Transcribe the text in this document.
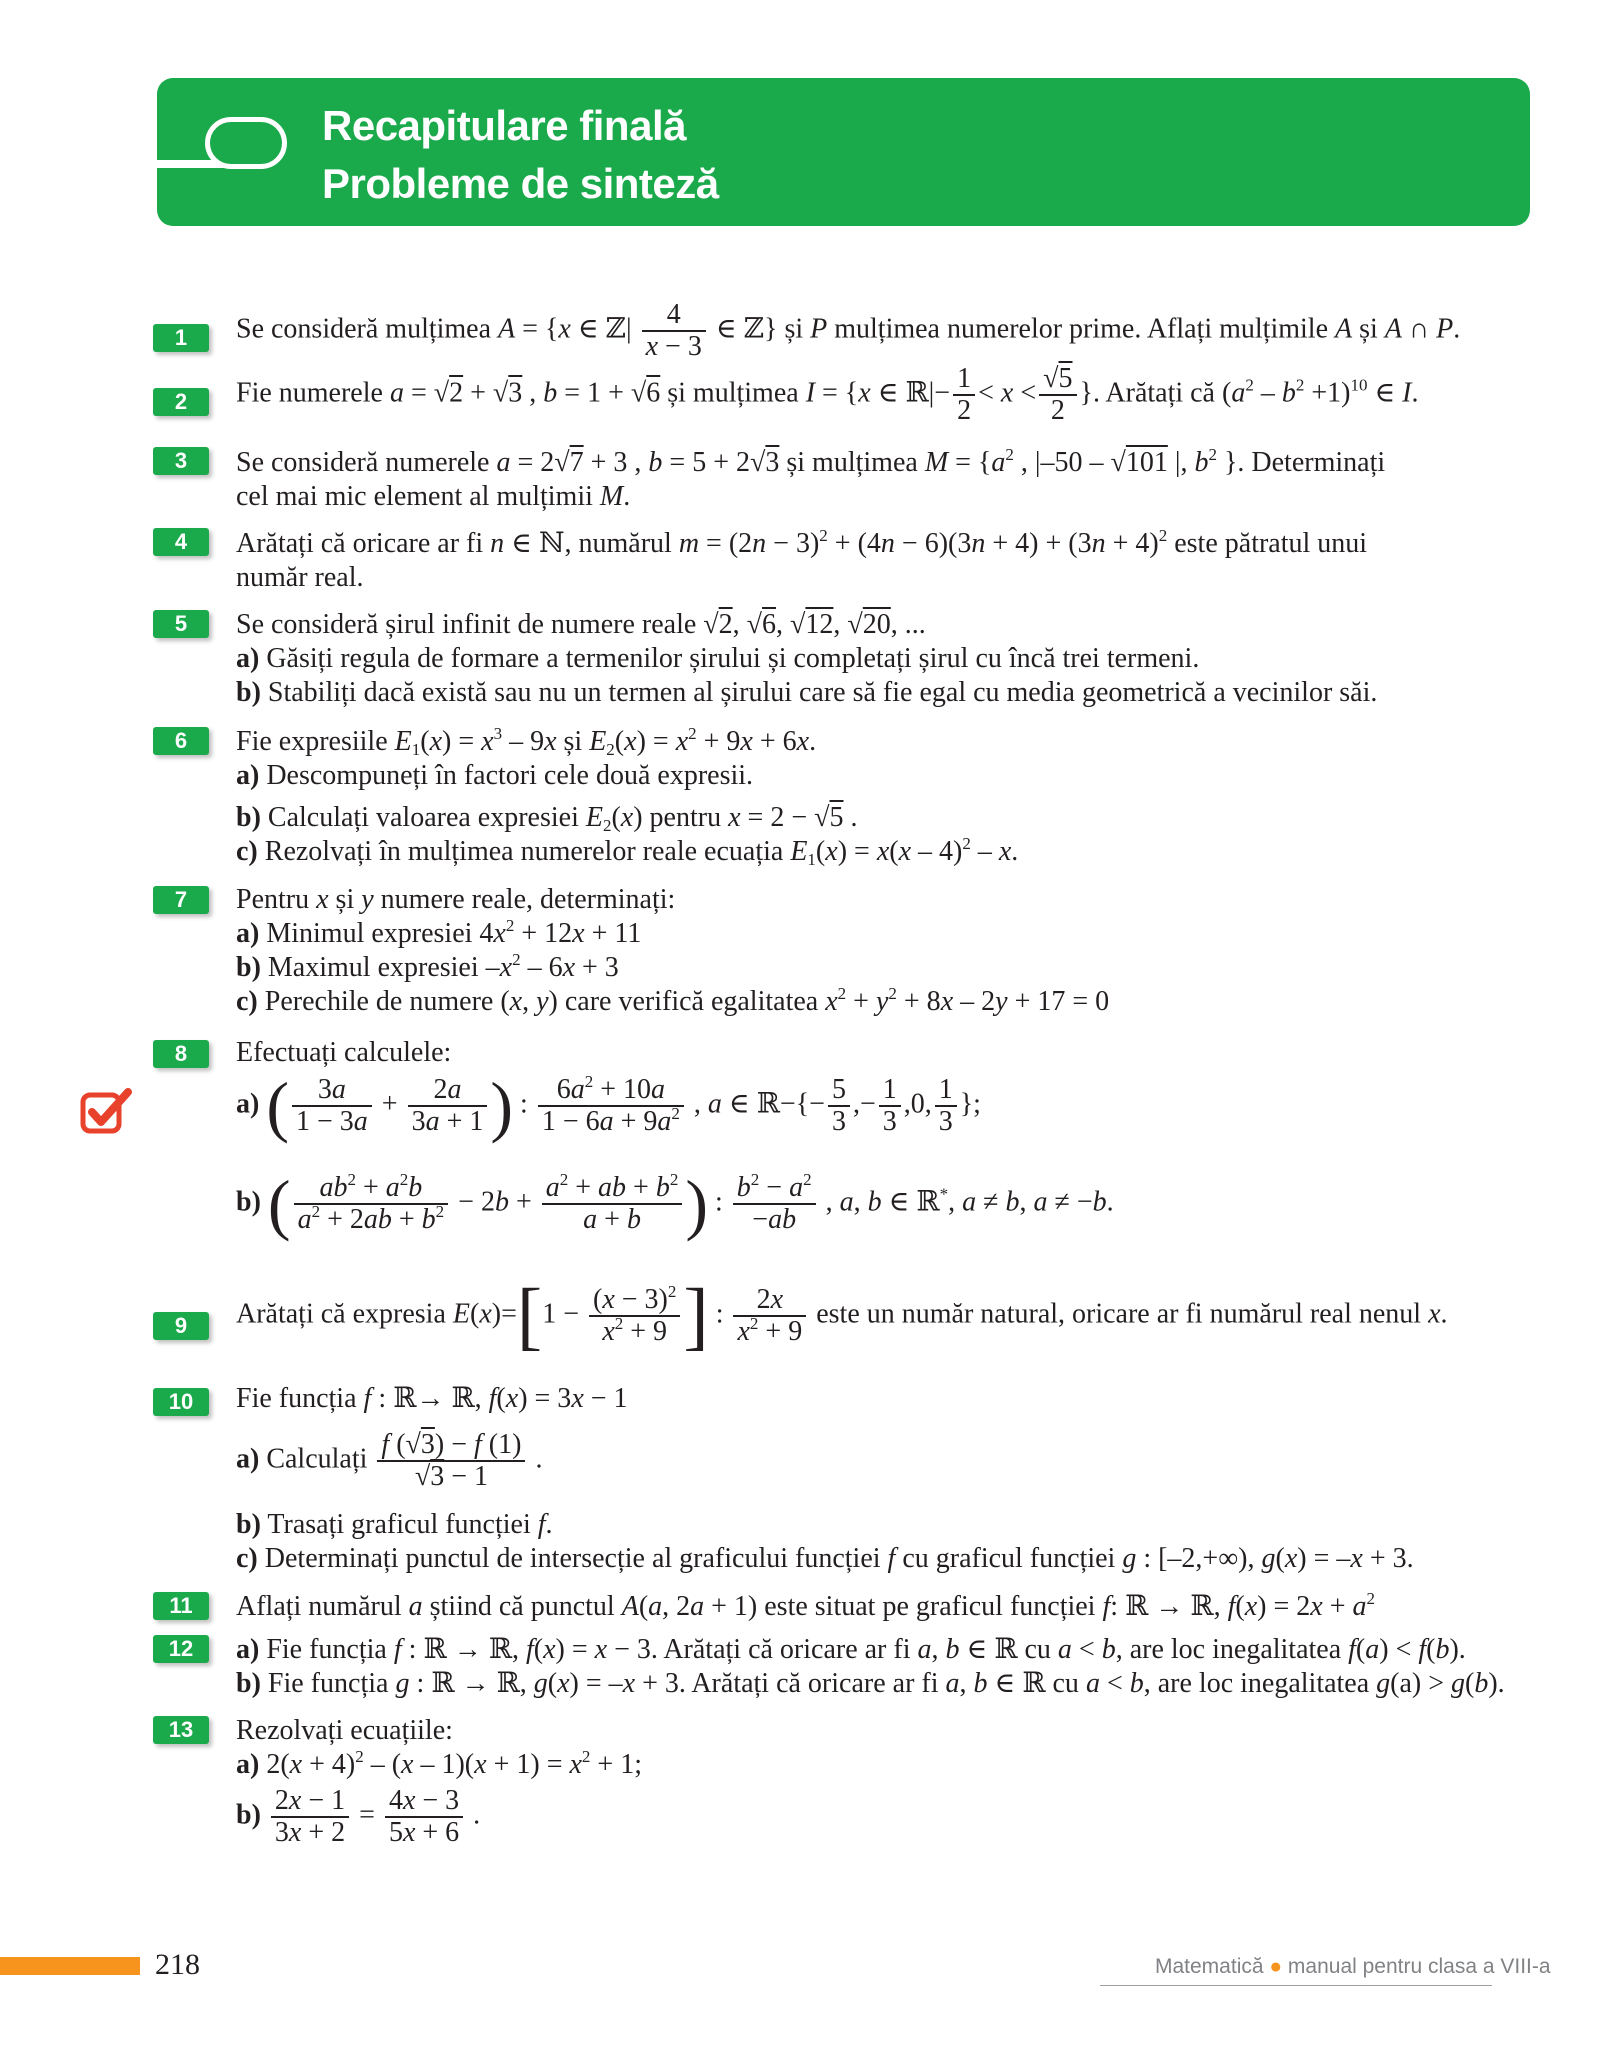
Recapitulare finală
Probleme de sinteză
1	Se consideră mulțimea A = {x ∈ ℤ| $\frac{4}{x - 3}$ ∈ ℤ} și P mulțimea numerelor prime. Aflați mulțimile A și A ∩ P.
2	Fie numerele a = √2 + √3 , b = 1 + √6 și mulțimea I = {x ∈ ℝ|− $\frac{1}{2} < x < \frac{√5}{2}$ }. Arătați că $(a^2 - b^2 +1)^{10}$ ∈ I.
3	Se consideră numerele a = 2√7 + 3 , b = 5 + 2√3 și mulțimea $M = \{a^2$ , |–50 – √101 |, $b^2$ }. Determinați
cel mai mic element al mulțimii M.
4	Arătați că oricare ar fi n ∈ ℕ, numărul $m = (2n - 3)^2 + (4n - 6)(3n + 4) + (3n + 4)^2$ este pătratul unui
număr real.
5	Se consideră șirul infinit de numere reale √2, √6, √12, √20, ...
a) Găsiți regula de formare a termenilor șirului și completați șirul cu încă trei termeni.
b) Stabiliți dacă există sau nu un termen al șirului care să fie egal cu media geometrică a vecinilor săi.
6	Fie expresiile $E_1(x) = x^3 - 9x$ și $E_2(x) = x^2 + 9x + 6x$.
a) Descompuneți în factori cele două expresii.
b) Calculați valoarea expresiei $E_2(x)$ pentru x = 2 − √5 .
c) Rezolvați în mulțimea numerelor reale ecuația $E_1(x) = x(x - 4)^2 - x$.
7	Pentru x și y numere reale, determinați:
a) Minimul expresiei $4x^2 + 12x + 11$
b) Maximul expresiei $-x^2 - 6x + 3$
c) Perechile de numere (x, y) care verifică egalitatea $x^2 + y^2 + 8x - 2y + 17 = 0$
8	Efectuați calculele:
a) ( $\frac{3a}{1 - 3a} + \frac{2a}{3a + 1}$ ) : $\frac{6a^2 + 10a}{1 - 6a + 9a^2}$ , a ∈ ℝ−{− $\frac{5}{3}$ ,− $\frac{1}{3} ,0$, $\frac{1}{3}$ };
b) ( $\frac{ab^2 + a^2b}{a^2 + 2ab + b^2} - 2b + \frac{a^2 + ab + b^2}{a + b}$ ) : $\frac{b^2 - a^2}{-ab}$ , a, b ∈ ℝ*, a ≠ b, a ≠ −b.
9	Arătați că expresia $E(x)=[1 - \frac{(x - 3)^2}{x^2 + 9}$ ] : $\frac{2x}{x^2 + 9}$ este un număr natural, oricare ar fi numărul real nenul x.
10	Fie funcția f : ℝ→ ℝ, f(x) = 3x − 1
a) Calculați $\frac{f (√3) - f (1)}{√3 - 1}$ .
b) Trasați graficul funcției f.
c) Determinați punctul de intersecție al graficului funcției f cu graficul funcției g : [–2,+∞), g(x) = –x + 3.
11	Aflați numărul a știind că punctul A(a, 2a + 1) este situat pe graficul funcției f: ℝ → ℝ, $f(x) = 2x + a^2$
12	a) Fie funcția f : ℝ → ℝ, f(x) = x − 3. Arătați că oricare ar fi a, b ∈ ℝ cu a < b, are loc inegalitatea f(a) < f(b).
b) Fie funcția g : ℝ → ℝ, g(x) = –x + 3. Arătați că oricare ar fi a, b ∈ ℝ cu a < b, are loc inegalitatea g(a) > g(b).
13	Rezolvați ecuațiile:
a) $2(x + 4)^2 - (x - 1)(x + 1) = x^2 + 1$;
$b) \frac{2x - 1}{3x + 2} = \frac{4x - 3}{5x + 6}$ .
218	Matematică ● manual pentru clasa a VIII-a
